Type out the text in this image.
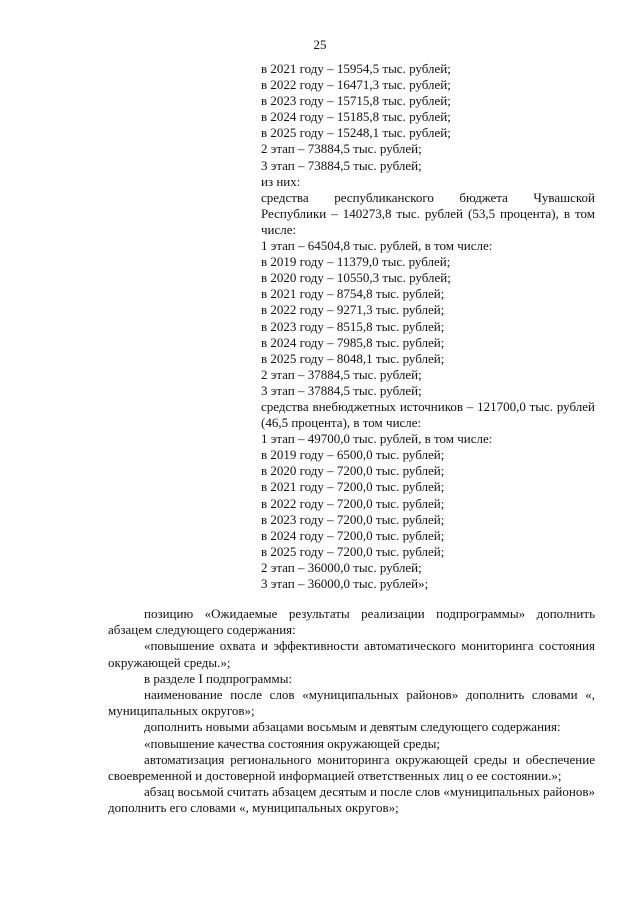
25
в 2021 году – 15954,5 тыс. рублей;
в 2022 году – 16471,3 тыс. рублей;
в 2023 году – 15715,8 тыс. рублей;
в 2024 году – 15185,8 тыс. рублей;
в 2025 году – 15248,1 тыс. рублей;
2 этап – 73884,5 тыс. рублей;
3 этап – 73884,5 тыс. рублей;
из них:
средства республиканского бюджета Чувашской Республики – 140273,8 тыс. рублей (53,5 процента), в том числе:
1 этап – 64504,8 тыс. рублей, в том числе:
в 2019 году – 11379,0 тыс. рублей;
в 2020 году – 10550,3 тыс. рублей;
в 2021 году – 8754,8 тыс. рублей;
в 2022 году – 9271,3 тыс. рублей;
в 2023 году – 8515,8 тыс. рублей;
в 2024 году – 7985,8 тыс. рублей;
в 2025 году – 8048,1 тыс. рублей;
2 этап – 37884,5 тыс. рублей;
3 этап – 37884,5 тыс. рублей;
средства внебюджетных источников – 121700,0 тыс. рублей (46,5 процента), в том числе:
1 этап – 49700,0 тыс. рублей, в том числе:
в 2019 году – 6500,0 тыс. рублей;
в 2020 году – 7200,0 тыс. рублей;
в 2021 году – 7200,0 тыс. рублей;
в 2022 году – 7200,0 тыс. рублей;
в 2023 году – 7200,0 тыс. рублей;
в 2024 году – 7200,0 тыс. рублей;
в 2025 году – 7200,0 тыс. рублей;
2 этап – 36000,0 тыс. рублей;
3 этап – 36000,0 тыс. рублей»;

позицию «Ожидаемые результаты реализации подпрограммы» дополнить абзацем следующего содержания:

«повышение охвата и эффективности автоматического мониторинга состояния окружающей среды.»;

в разделе I подпрограммы:

наименование после слов «муниципальных районов» дополнить словами «, муниципальных округов»;

дополнить новыми абзацами восьмым и девятым следующего содержания:

«повышение качества состояния окружающей среды;

автоматизация регионального мониторинга окружающей среды и обеспечение своевременной и достоверной информацией ответственных лиц о ее состоянии.»;

абзац восьмой считать абзацем десятым и после слов «муниципальных районов» дополнить его словами «, муниципальных округов»;
